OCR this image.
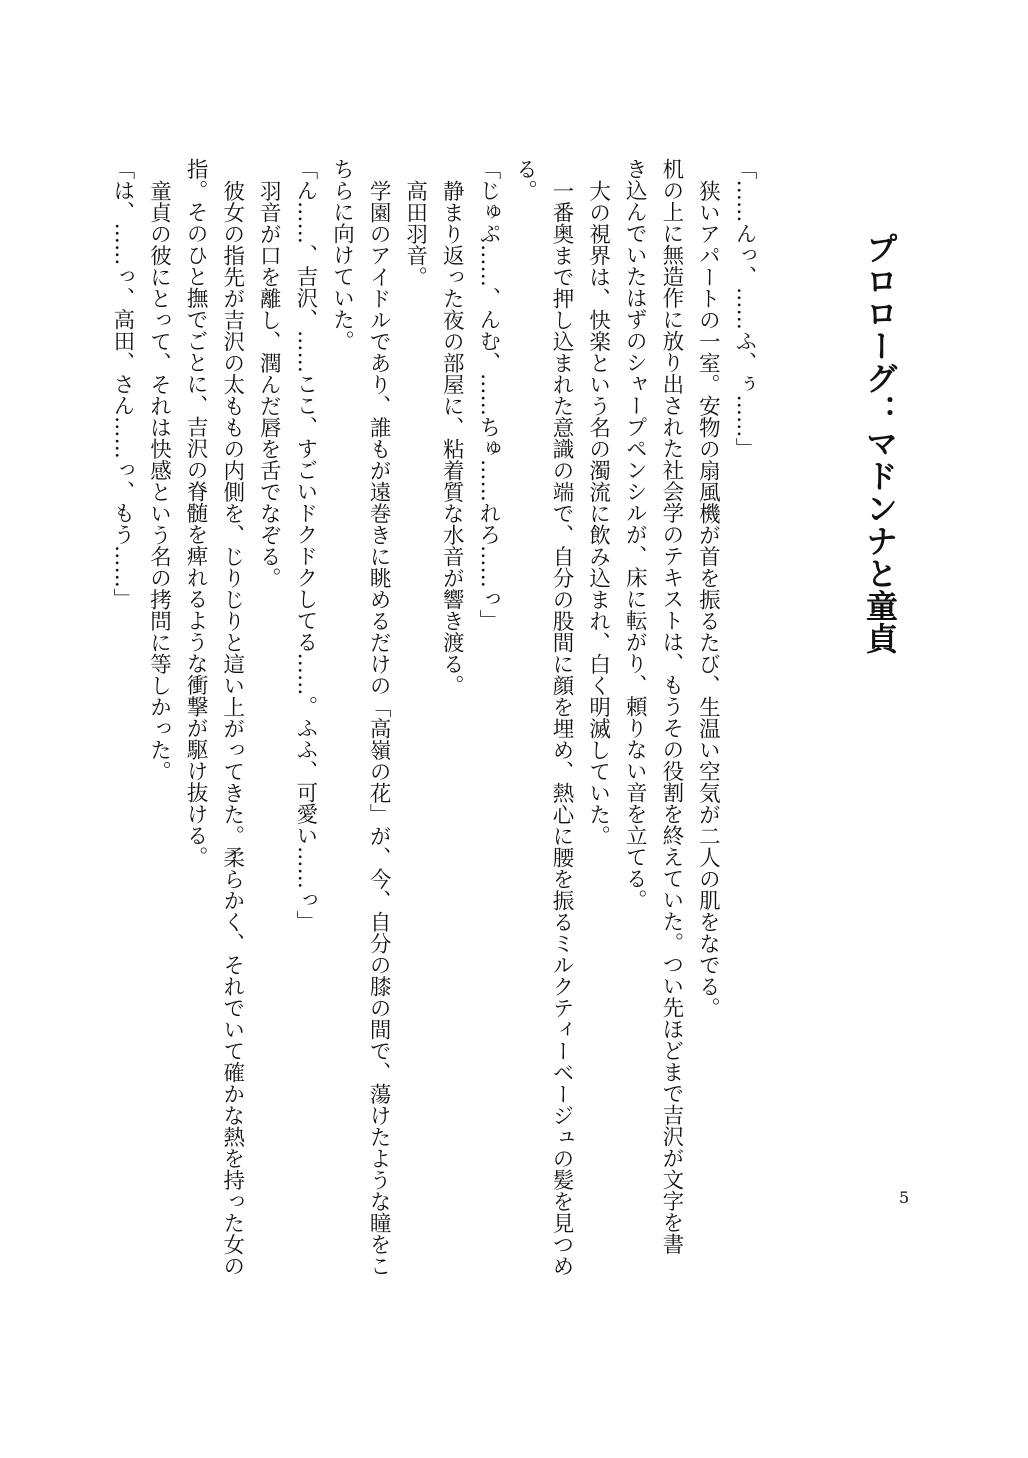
プロローグ：マドンナと童貞
「……んっ、……ふ、ぅ……」
狭いアパートの一室。安物の扇風機が首を振るたび、生温い空気が二人の肌をなでる。
机の上に無造作に放り出された社会学のテキストは、もうその役割を終えていた。つい先ほどまで吉沢が文字を書
き込んでいたはずのシャープペンシルが、床に転がり、頼りない音を立てる。
大の視界は、快楽という名の濁流に飲み込まれ、白く明滅していた。
一番奥まで押し込まれた意識の端で、自分の股間に顔を埋め、熱心に腰を振るミルクティーベージュの髪を見つめ
る。
「じゅぷ……、んむ、……ちゅ……れろ……っ」
静まり返った夜の部屋に、粘着質な水音が響き渡る。
高田羽音。
学園のアイドルであり、誰もが遠巻きに眺めるだけの「高嶺の花」が、今、自分の膝の間で、蕩けたような瞳をこ
ちらに向けていた。
「ん……、吉沢、……ここ、すごいドクドクしてる……。ふふ、可愛い……っ」
羽音が口を離し、潤んだ唇を舌でなぞる。
彼女の指先が吉沢の太ももの内側を、じりじりと這い上がってきた。柔らかく、それでいて確かな熱を持った女の
指。そのひと撫でごとに、吉沢の脊髄を痺れるような衝撃が駆け抜ける。
童貞の彼にとって、それは快感という名の拷問に等しかった。
「は、……っ、高田、さん……っ、もう……」
5
